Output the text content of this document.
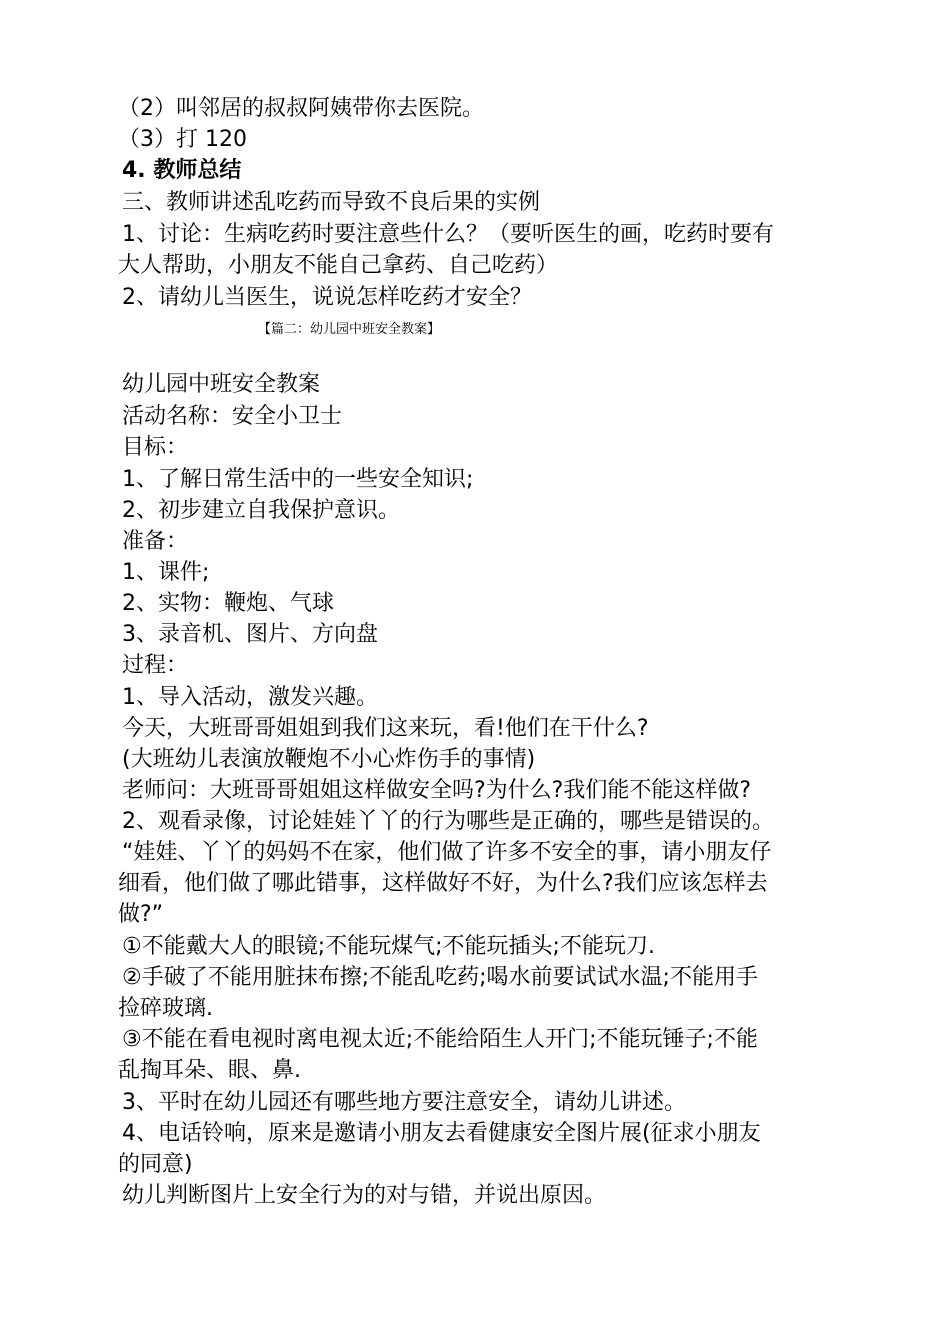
（2）叫邻居的叔叔阿姨带你去医院。
（3）打 120
4. 教师总结
三、教师讲述乱吃药而导致不良后果的实例
1、讨论：生病吃药时要注意些什么？（要听医生的画，吃药时要有
大人帮助，小朋友不能自己拿药、自己吃药）
2、请幼儿当医生，说说怎样吃药才安全？
【篇二：幼儿园中班安全教案】
幼儿园中班安全教案
活动名称：安全小卫士
目标：
1、了解日常生活中的一些安全知识;
2、初步建立自我保护意识。
准备：
1、课件;
2、实物：鞭炮、气球
3、录音机、图片、方向盘
过程：
1、导入活动，激发兴趣。
今天，大班哥哥姐姐到我们这来玩，看!他们在干什么?
(大班幼儿表演放鞭炮不小心炸伤手的事情)
老师问：大班哥哥姐姐这样做安全吗?为什么?我们能不能这样做?
2、观看录像，讨论娃娃丫丫的行为哪些是正确的，哪些是错误的。
“娃娃、丫丫的妈妈不在家，他们做了许多不安全的事，请小朋友仔
细看，他们做了哪此错事，这样做好不好，为什么?我们应该怎样去
做?”
①不能戴大人的眼镜;不能玩煤气;不能玩插头;不能玩刀.
②手破了不能用脏抹布擦;不能乱吃药;喝水前要试试水温;不能用手
捡碎玻璃.
③不能在看电视时离电视太近;不能给陌生人开门;不能玩锤子;不能
乱掏耳朵、眼、鼻.
3、平时在幼儿园还有哪些地方要注意安全，请幼儿讲述。
4、电话铃响，原来是邀请小朋友去看健康安全图片展(征求小朋友
的同意)
幼儿判断图片上安全行为的对与错，并说出原因。
